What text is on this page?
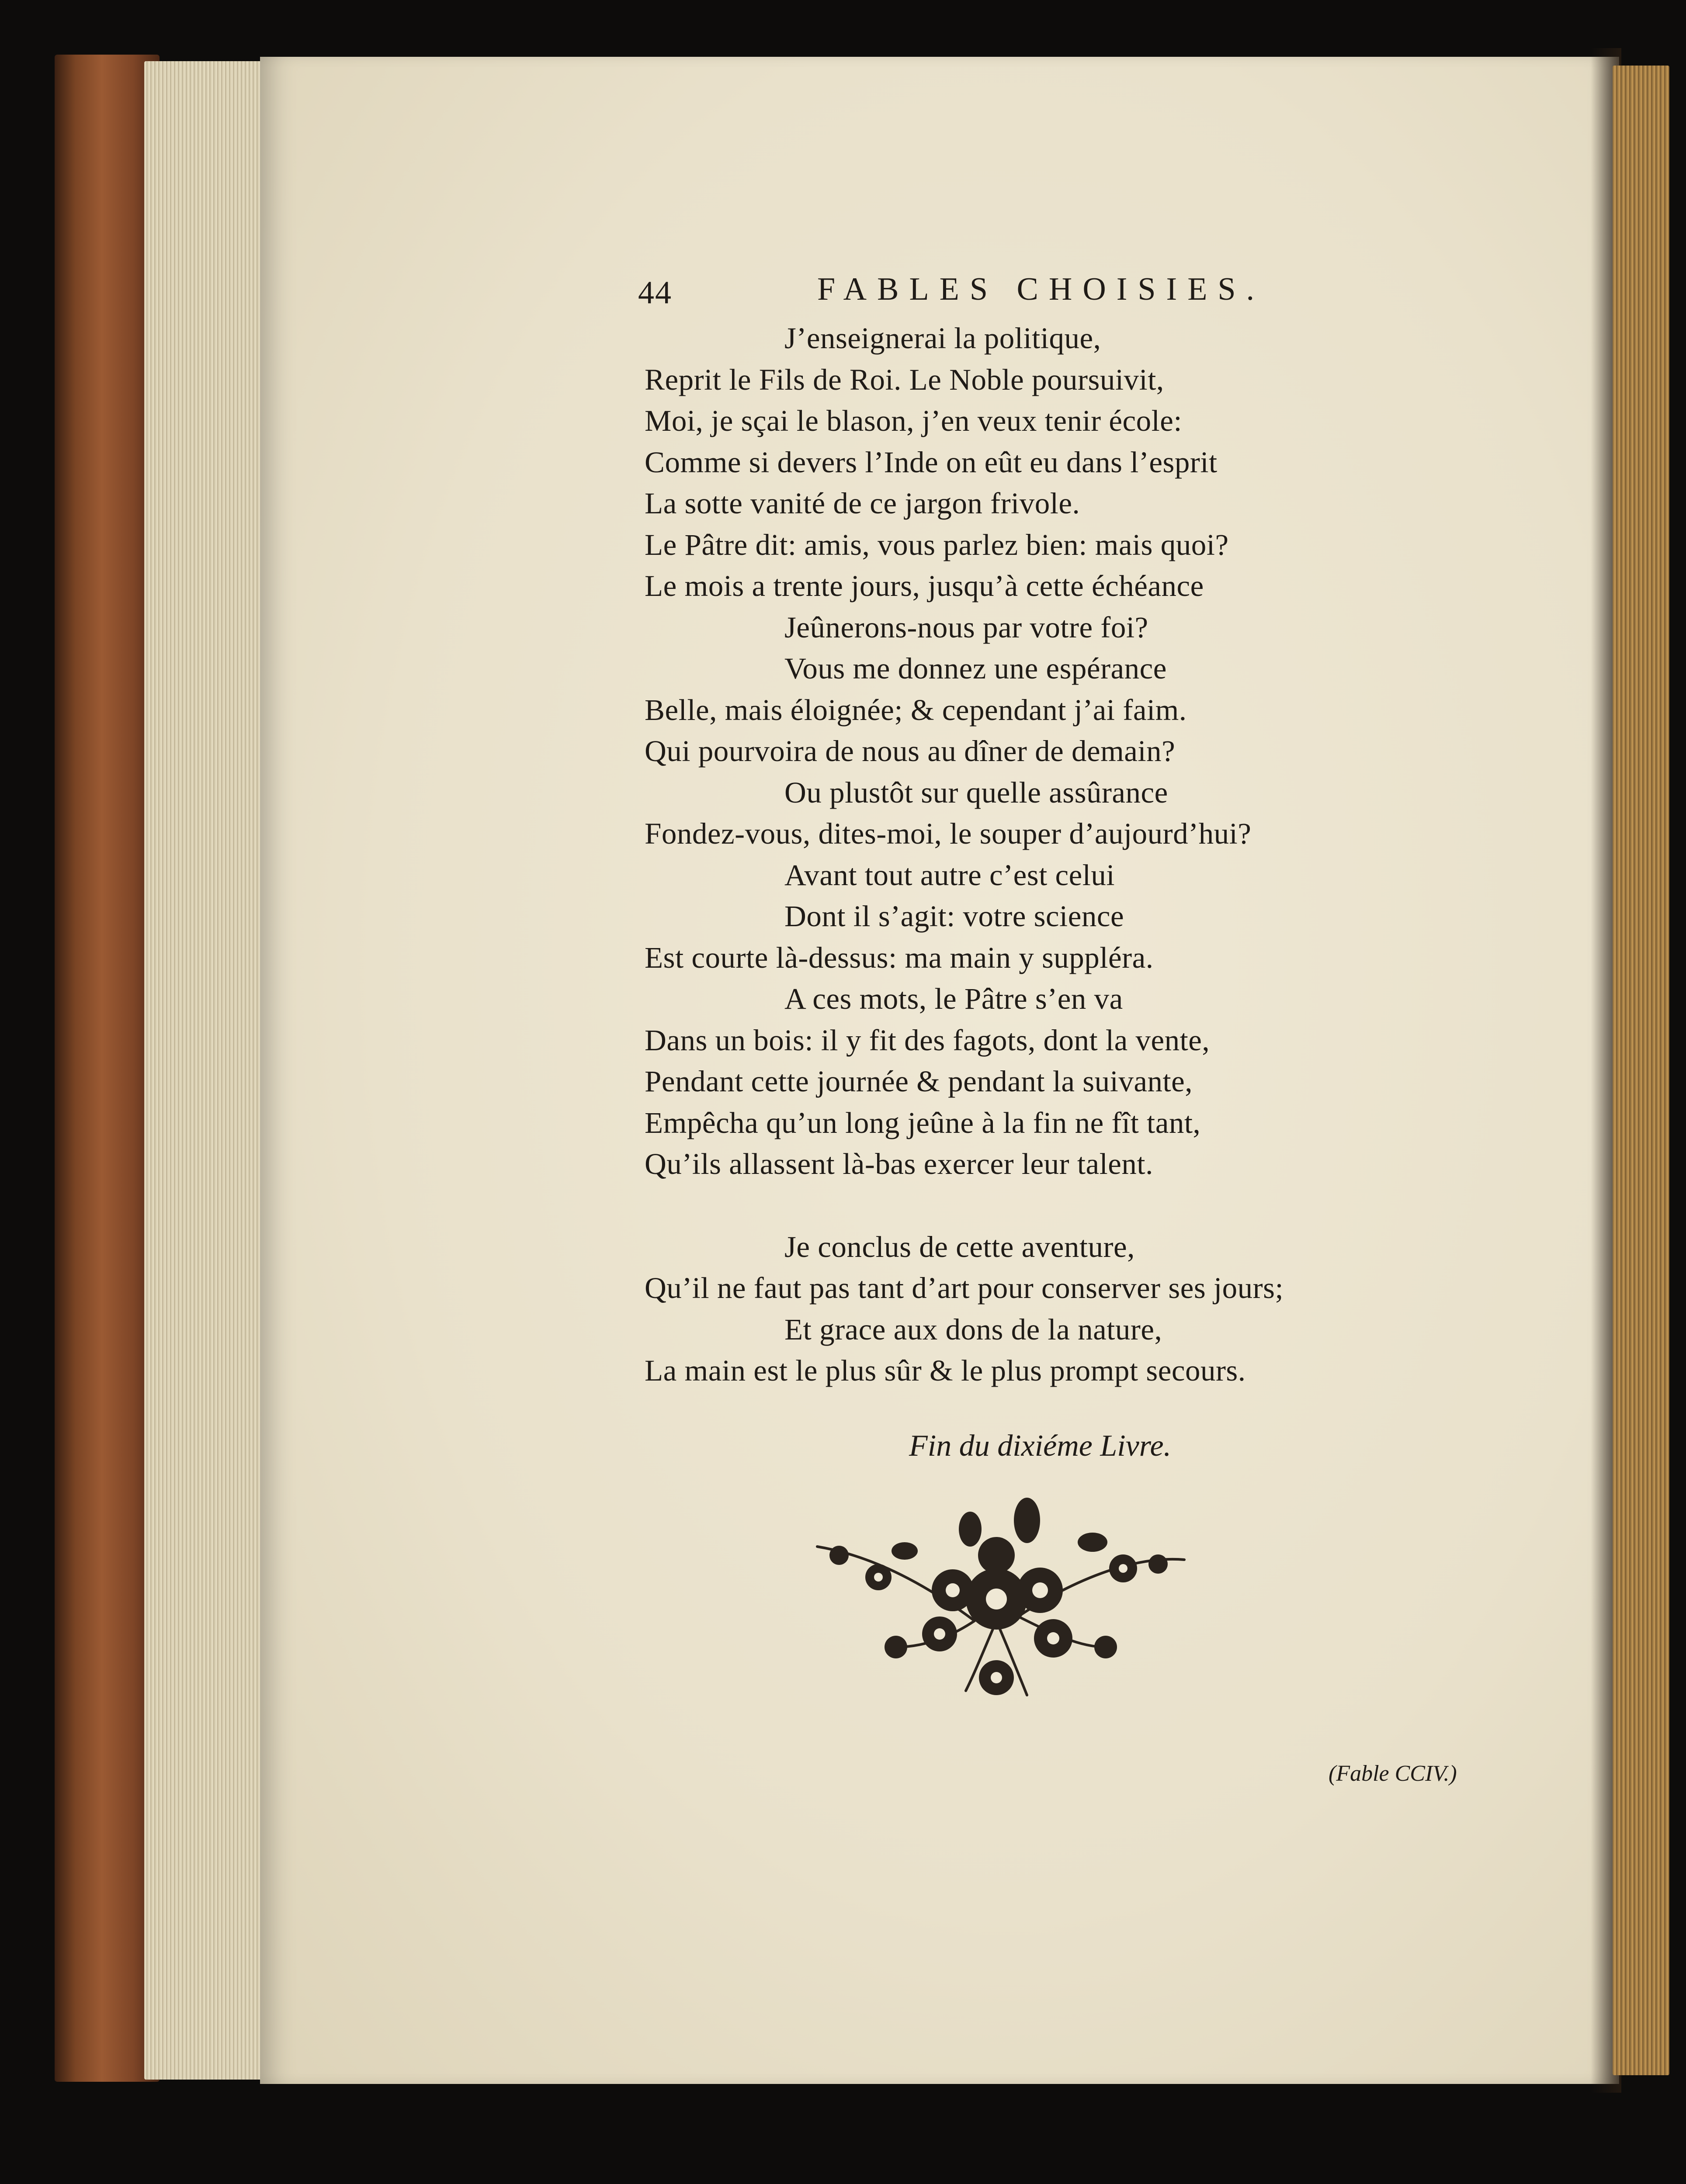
44	FABLES CHOISIES.
J’enseignerai la politique,
Reprit le Fils de Roi. Le Noble poursuivit,
Moi, je sçai le blason, j’en veux tenir école:
Comme si devers l’Inde on eût eu dans l’esprit
La sotte vanité de ce jargon frivole.
Le Pâtre dit: amis, vous parlez bien: mais quoi?
Le mois a trente jours, jusqu’à cette échéance
Jeûnerons-nous par votre foi?
Vous me donnez une espérance
Belle, mais éloignée; & cependant j’ai faim.
Qui pourvoira de nous au dîner de demain?
Ou plustôt sur quelle assûrance
Fondez-vous, dites-moi, le souper d’aujourd’hui?
Avant tout autre c’est celui
Dont il s’agit: votre science
Est courte là-dessus: ma main y suppléra.
A ces mots, le Pâtre s’en va
Dans un bois: il y fit des fagots, dont la vente,
Pendant cette journée & pendant la suivante,
Empêcha qu’un long jeûne à la fin ne fît tant,
Qu’ils allassent là-bas exercer leur talent.
Je conclus de cette aventure,
Qu’il ne faut pas tant d’art pour conserver ses jours;
Et grace aux dons de la nature,
La main est le plus sûr & le plus prompt secours.
Fin du dixiéme Livre.
(Fable CCIV.)
